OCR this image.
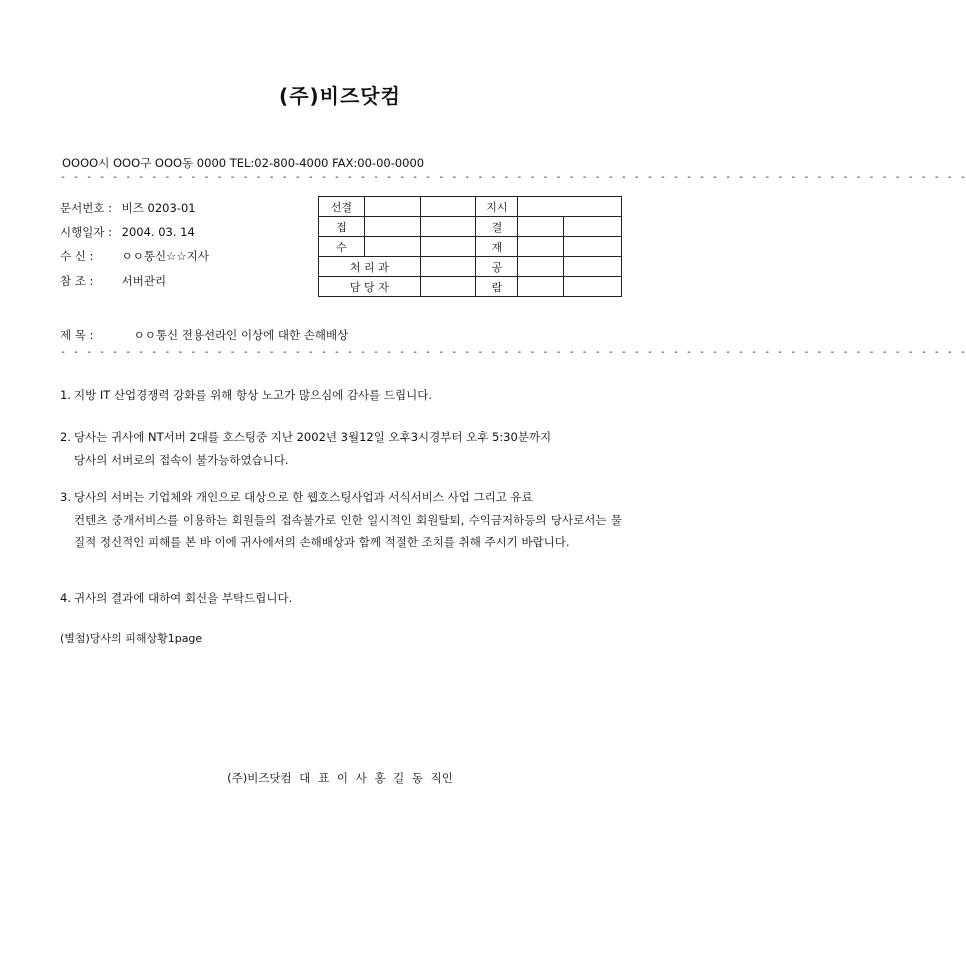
(주)비즈닷컴
OOOO시 OOO구 OOO동 0000 TEL:02-800-4000 FAX:00-00-0000
- - - - - - - - - - - - - - - - - - - - - - - - - - - - - - - - - - - - - - - - - - - - - - - - - - - - - - - - - - - - - - - - - - - - - -
문서번호 : 비즈 0203-01
시행일자 : 2004. 03. 14
수 신 : ㅇㅇ통신☆☆지사
참 조 : 서버관리
선결			지시		
접			결		
수			재		
처 리 과			공		
담 당 자			람		
제 목 :	ㅇㅇ통신 전용선라인 이상에 대한 손해배상
- - - - - - - - - - - - - - - - - - - - - - - - - - - - - - - - - - - - - - - - - - - - - - - - - - - - - - - - - - - - - - - - - - - - - -
1. 지방 IT 산업경쟁력 강화를 위해 항상 노고가 많으심에 감사를 드립니다.
2. 당사는 귀사에 NT서버 2대를 호스팅중 지난 2002년 3월12일 오후3시경부터 오후 5:30분까지
당사의 서버로의 접속이 불가능하였습니다.
3. 당사의 서버는 기업체와 개인으로 대상으로 한 웹호스팅사업과 서식서비스 사업 그리고 유료
컨텐츠 중개서비스를 이용하는 회원들의 접속불가로 인한 일시적인 회원탈퇴, 수익금저하등의 당사로서는 물질적 정신적인 피해를 본 바 이에 귀사에서의 손해배상과 함께 적절한 조치를 취해 주시기 바랍니다.
4. 귀사의 결과에 대하여 회신을 부탁드립니다.
(별첨)당사의 피해상황1page
(주)비즈닷컴 대 표 이 사 홍 길 동 직인
